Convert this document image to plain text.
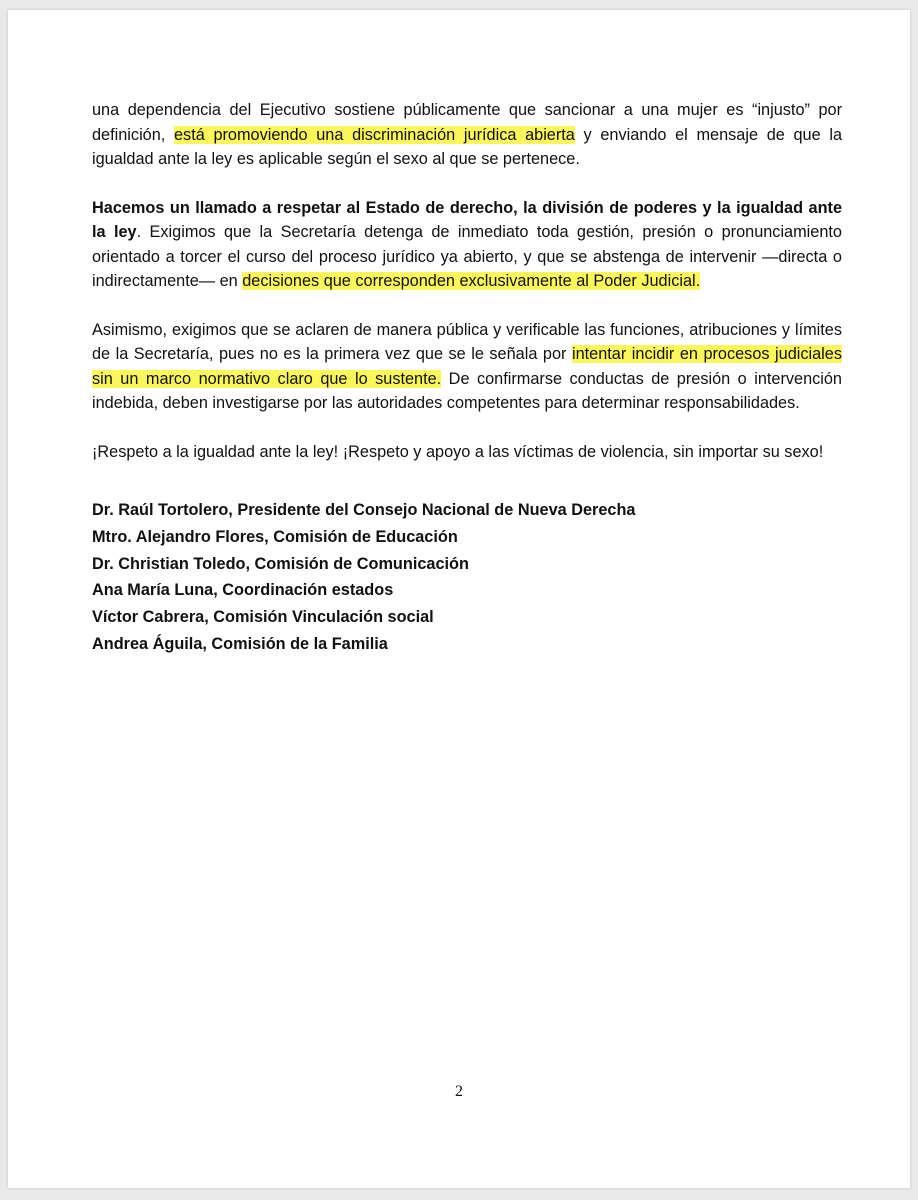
una dependencia del Ejecutivo sostiene públicamente que sancionar a una mujer es “injusto” por definición, está promoviendo una discriminación jurídica abierta y enviando el mensaje de que la igualdad ante la ley es aplicable según el sexo al que se pertenece.

Hacemos un llamado a respetar al Estado de derecho, la división de poderes y la igualdad ante la ley. Exigimos que la Secretaría detenga de inmediato toda gestión, presión o pronunciamiento orientado a torcer el curso del proceso jurídico ya abierto, y que se abstenga de intervenir —directa o indirectamente— en decisiones que corresponden exclusivamente al Poder Judicial.

Asimismo, exigimos que se aclaren de manera pública y verificable las funciones, atribuciones y límites de la Secretaría, pues no es la primera vez que se le señala por intentar incidir en procesos judiciales sin un marco normativo claro que lo sustente. De confirmarse conductas de presión o intervención indebida, deben investigarse por las autoridades competentes para determinar responsabilidades.

¡Respeto a la igualdad ante la ley! ¡Respeto y apoyo a las víctimas de violencia, sin importar su sexo!

Dr. Raúl Tortolero, Presidente del Consejo Nacional de Nueva Derecha
Mtro. Alejandro Flores, Comisión de Educación
Dr. Christian Toledo, Comisión de Comunicación
Ana María Luna, Coordinación estados
Víctor Cabrera, Comisión Vinculación social
Andrea Águila, Comisión de la Familia
2
